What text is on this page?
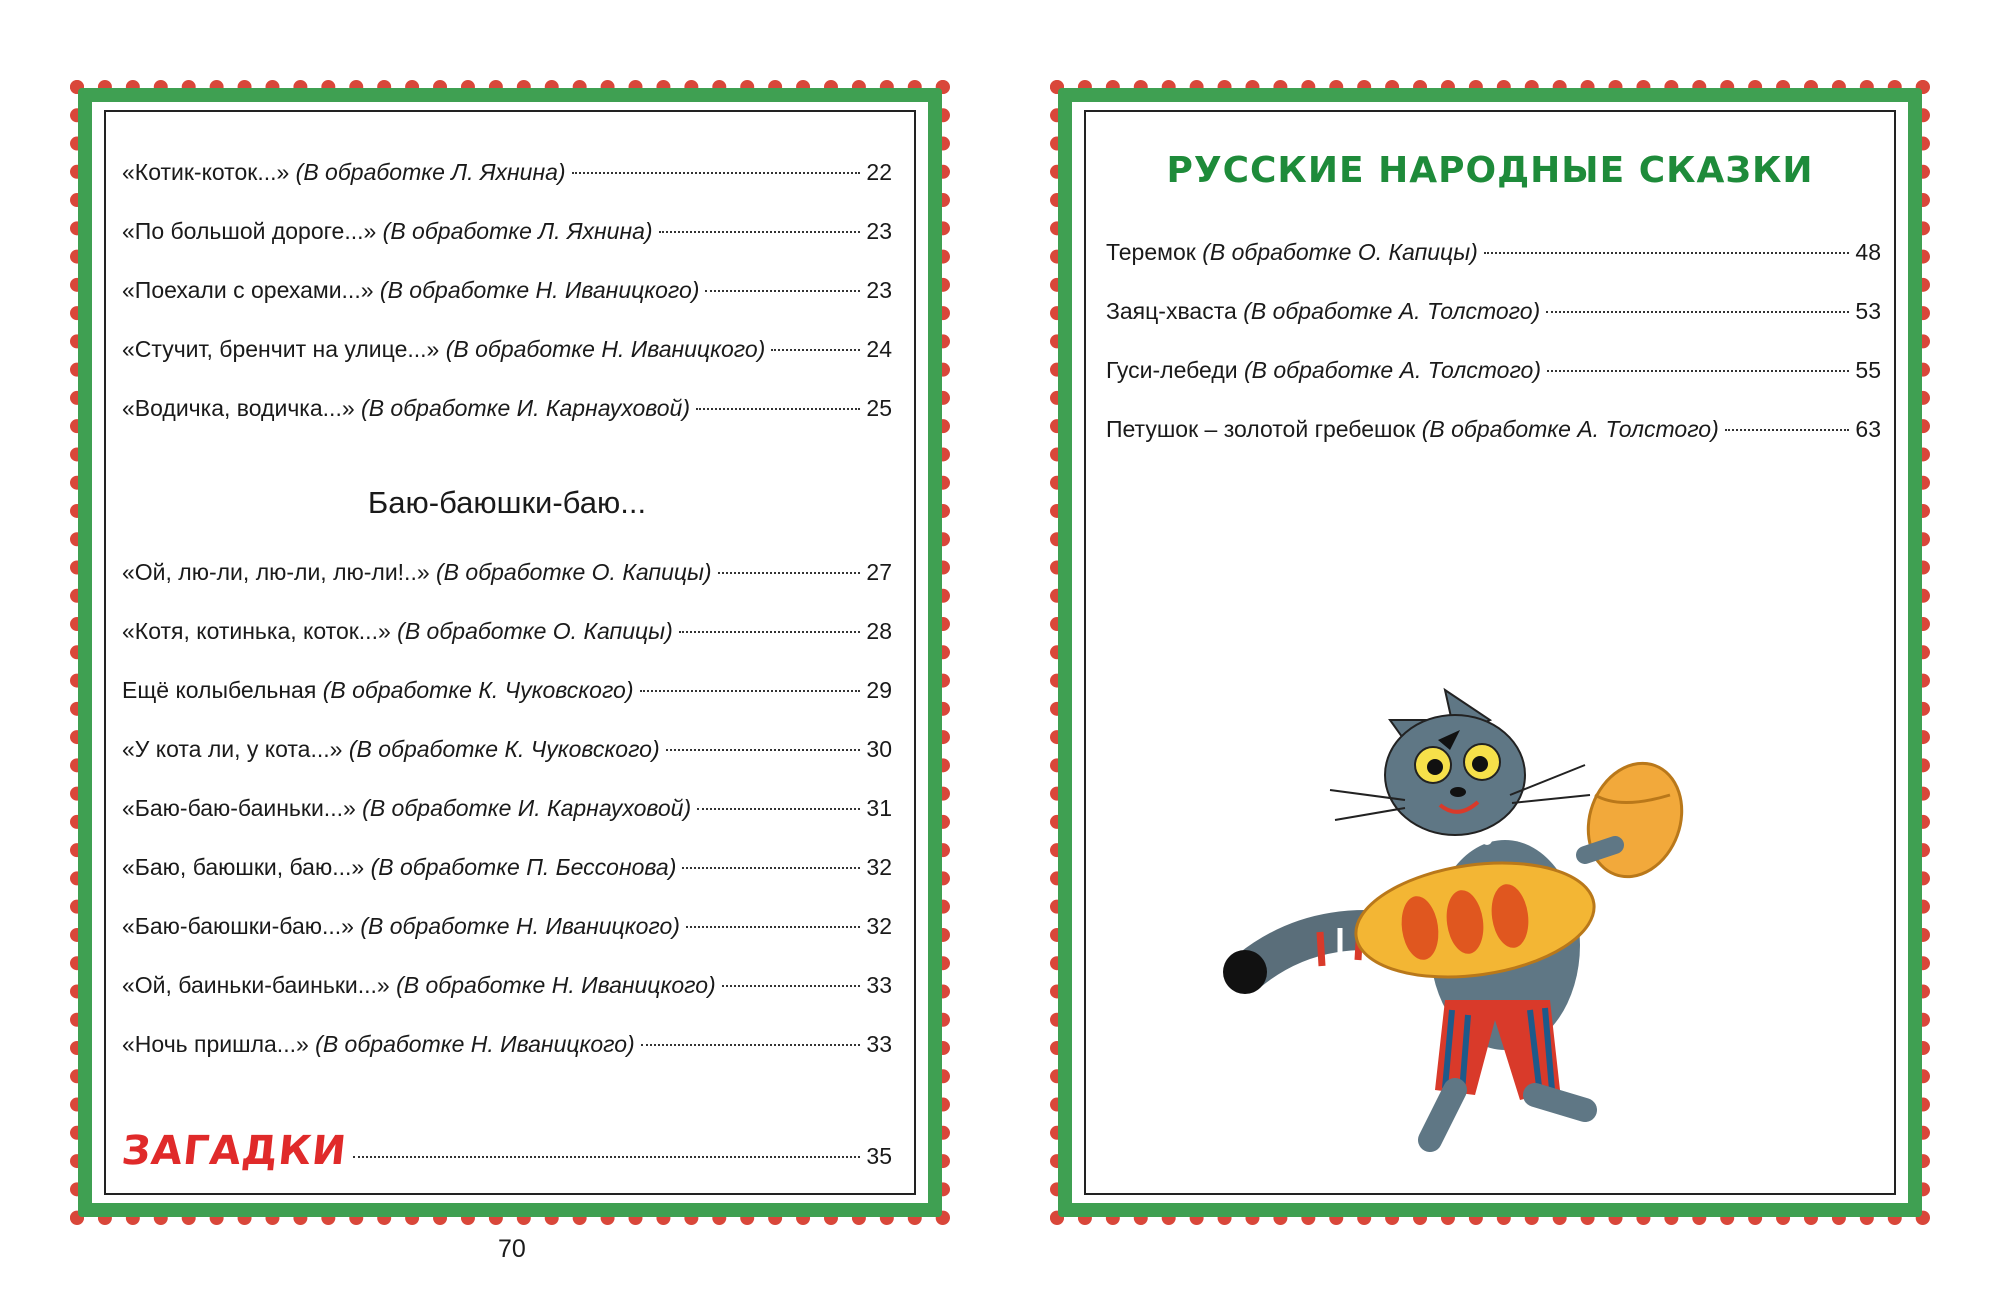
«Котик-коток...» (В обработке Л. Яхнина)	22
«По большой дороге...» (В обработке Л. Яхнина)	23
«Поехали с орехами...» (В обработке Н. Иваницкого)	23
«Стучит, бренчит на улице...» (В обработке Н. Иваницкого)	24
«Водичка, водичка...» (В обработке И. Карнауховой)	25
Баю-баюшки-баю...
«Ой, лю-ли, лю-ли, лю-ли!..» (В обработке О. Капицы)	27
«Котя, котинька, коток...» (В обработке О. Капицы)	28
Ещё колыбельная (В обработке К. Чуковского)	29
«У кота ли, у кота...» (В обработке К. Чуковского)	30
«Баю-баю-баиньки...» (В обработке И. Карнауховой)	31
«Баю, баюшки, баю...» (В обработке П. Бессонова)	32
«Баю-баюшки-баю...» (В обработке Н. Иваницкого)	32
«Ой, баиньки-баиньки...» (В обработке Н. Иваницкого)	33
«Ночь пришла...» (В обработке Н. Иваницкого)	33
ЗАГАДКИ	35
70
РУССКИЕ НАРОДНЫЕ СКАЗКИ
Теремок (В обработке О. Капицы)	48
Заяц-хваста (В обработке А. Толстого)	53
Гуси-лебеди (В обработке А. Толстого)	55
Петушок – золотой гребешок (В обработке А. Толстого)	63
